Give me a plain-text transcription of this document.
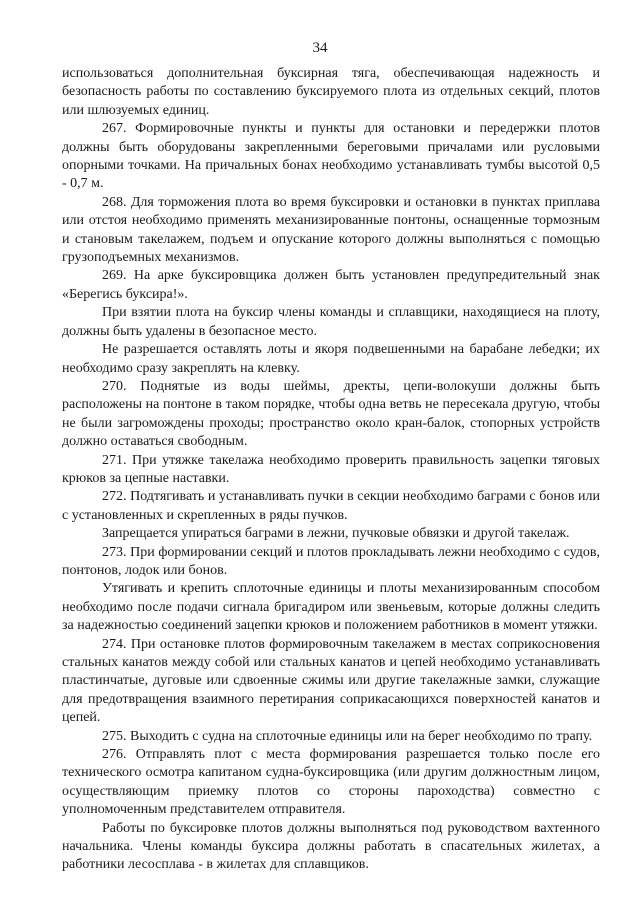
34

использоваться дополнительная буксирная тяга, обеспечивающая надежность и безопасность работы по составлению буксируемого плота из отдельных секций, плотов или шлюзуемых единиц.

267. Формировочные пункты и пункты для остановки и передержки плотов должны быть оборудованы закрепленными береговыми причалами или русловыми опорными точками. На причальных бонах необходимо устанавливать тумбы высотой 0,5 - 0,7 м.

268. Для торможения плота во время буксировки и остановки в пунктах приплава или отстоя необходимо применять механизированные понтоны, оснащенные тормозным и становым такелажем, подъем и опускание которого должны выполняться с помощью грузоподъемных механизмов.

269. На арке буксировщика должен быть установлен предупредительный знак «Берегись буксира!».

При взятии плота на буксир члены команды и сплавщики, находящиеся на плоту, должны быть удалены в безопасное место.

Не разрешается оставлять лоты и якоря подвешенными на барабане лебедки; их необходимо сразу закреплять на клевку.

270. Поднятые из воды шеймы, дректы, цепи-волокуши должны быть расположены на понтоне в таком порядке, чтобы одна ветвь не пересекала другую, чтобы не были загромождены проходы; пространство около кран-балок, стопорных устройств должно оставаться свободным.

271. При утяжке такелажа необходимо проверить правильность зацепки тяговых крюков за цепные наставки.

272. Подтягивать и устанавливать пучки в секции необходимо баграми с бонов или с установленных и скрепленных в ряды пучков.

Запрещается упираться баграми в лежни, пучковые обвязки и другой такелаж.

273. При формировании секций и плотов прокладывать лежни необходимо с судов, понтонов, лодок или бонов.

Утягивать и крепить сплоточные единицы и плоты механизированным способом необходимо после подачи сигнала бригадиром или звеньевым, которые должны следить за надежностью соединений зацепки крюков и положением работников в момент утяжки.

274. При остановке плотов формировочным такелажем в местах соприкосновения стальных канатов между собой или стальных канатов и цепей необходимо устанавливать пластинчатые, дуговые или сдвоенные сжимы или другие такелажные замки, служащие для предотвращения взаимного перетирания соприкасающихся поверхностей канатов и цепей.

275. Выходить с судна на сплоточные единицы или на берег необходимо по трапу.

276. Отправлять плот с места формирования разрешается только после его технического осмотра капитаном судна-буксировщика (или другим должностным лицом, осуществляющим приемку плотов со стороны пароходства) совместно с уполномоченным представителем отправителя.

Работы по буксировке плотов должны выполняться под руководством вахтенного начальника. Члены команды буксира должны работать в спасательных жилетах, а работники лесосплава - в жилетах для сплавщиков.
